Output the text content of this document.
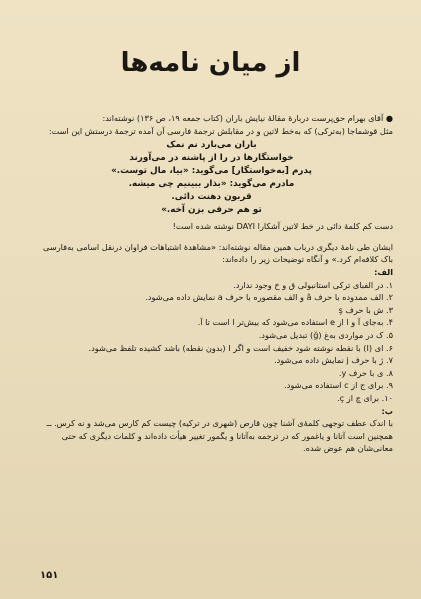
از میان نامه‌ها

● آقای بهرام حق‌پرست دربارهٔ مقالهٔ نیایش باران (کتاب جمعه ۱۹، ص ۱۳۶) نوشته‌اند:

مثل قوشماجا (به‌ترکی) که به‌خط لاتین و در مقابلش ترجمهٔ فارسی آن آمده ترجمهٔ درستش این است:

باران می‌بارد نم نمک
خواستگارها در را از پاشنه در می‌آورند
پدرم [به‌خواستگار] می‌گوید: «بیا، مال توست.»
مادرم می‌گوید: «بذار ببینیم چی میشه.
قربون دهنت دائی.
تو هم حرفی بزن آخه.»

دست کم کلمهٔ دائی در خط لاتین آشکارا DAYI نوشته شده است!

ایشان طی نامهٔ دیگری درباب همین مقاله نوشته‌اند: «مشاهدهٔ اشتباهات فراوان درنقل اسامی به‌فارسی باک کلافه‌ام کرد.» و آنگاه توضیحات زیر را داده‌اند:

الف:

۱. در الفبای ترکی استانبولی ق و خ وجود ندارد.
۲. الف ممدوده با حرف â و الف مقصوره با حرف a نمایش داده می‌شود.
۳. ش با حرف ş
۴. به‌جای آ و ا از e استفاده می‌شود که بیش‌تر ا است تا آ.
۵. ک در مواردی به‌غ (ğ) تبدیل می‌شود.
۶. ای (I) با نقطه نوشته شود خفیف است و اگر I (بدون نقطه) باشد کشیده تلفظ می‌شود.
۷. ژ با حرف j نمایش داده می‌شود.
۸. ی با حرف y.
۹. برای ج از c استفاده می‌شود.
۱۰. برای چ از ç.

ب:

با اندک عطف توجهی کلمهٔ‌ی آشنا چون قارص (شهری در ترکیه) چیست کم کارس می‌شد و نه کرس. ــ همچنین است آتانا و یاغمور که در ترجمه به‌آتانا و یگمور تغییر هیأت داده‌اند و کلمات دیگری که حتی معانی‌شان هم عوض شده.

۱۵۱
